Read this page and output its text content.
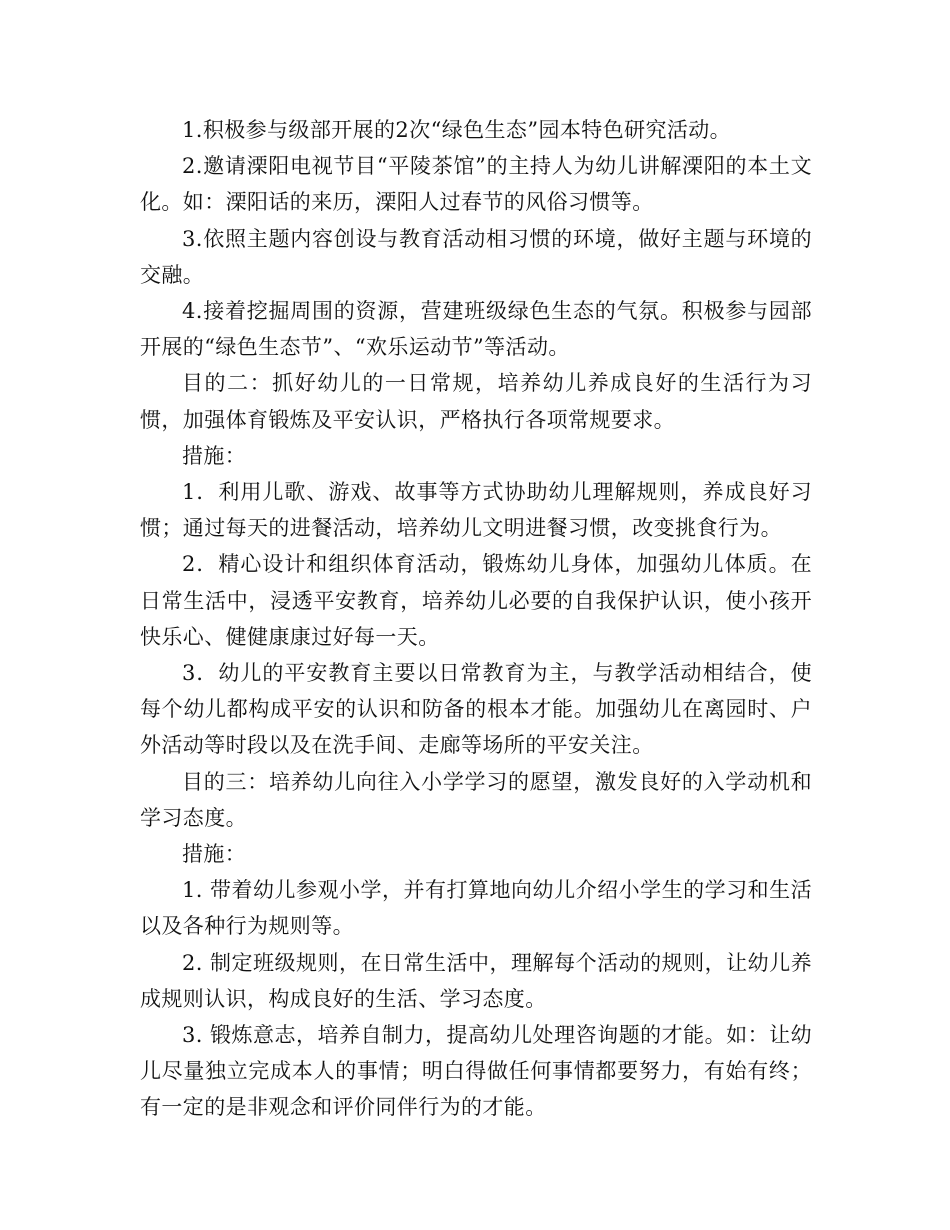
1.积极参与级部开展的2次“绿色生态”园本特色研究活动。

2.邀请溧阳电视节目“平陵茶馆”的主持人为幼儿讲解溧阳的本土文化。如：溧阳话的来历，溧阳人过春节的风俗习惯等。

3.依照主题内容创设与教育活动相习惯的环境，做好主题与环境的交融。

4.接着挖掘周围的资源，营建班级绿色生态的气氛。积极参与园部开展的“绿色生态节”、“欢乐运动节”等活动。

目的二：抓好幼儿的一日常规，培养幼儿养成良好的生活行为习惯，加强体育锻炼及平安认识，严格执行各项常规要求。

措施：

1．利用儿歌、游戏、故事等方式协助幼儿理解规则，养成良好习惯；通过每天的进餐活动，培养幼儿文明进餐习惯，改变挑食行为。

2．精心设计和组织体育活动，锻炼幼儿身体，加强幼儿体质。在日常生活中，浸透平安教育，培养幼儿必要的自我保护认识，使小孩开快乐心、健健康康过好每一天。

3．幼儿的平安教育主要以日常教育为主，与教学活动相结合，使每个幼儿都构成平安的认识和防备的根本才能。加强幼儿在离园时、户外活动等时段以及在洗手间、走廊等场所的平安关注。

目的三：培养幼儿向往入小学学习的愿望，激发良好的入学动机和学习态度。

措施：

1. 带着幼儿参观小学，并有打算地向幼儿介绍小学生的学习和生活以及各种行为规则等。

2. 制定班级规则，在日常生活中，理解每个活动的规则，让幼儿养成规则认识，构成良好的生活、学习态度。

3. 锻炼意志，培养自制力，提高幼儿处理咨询题的才能。如：让幼儿尽量独立完成本人的事情；明白得做任何事情都要努力，有始有终；有一定的是非观念和评价同伴行为的才能。
